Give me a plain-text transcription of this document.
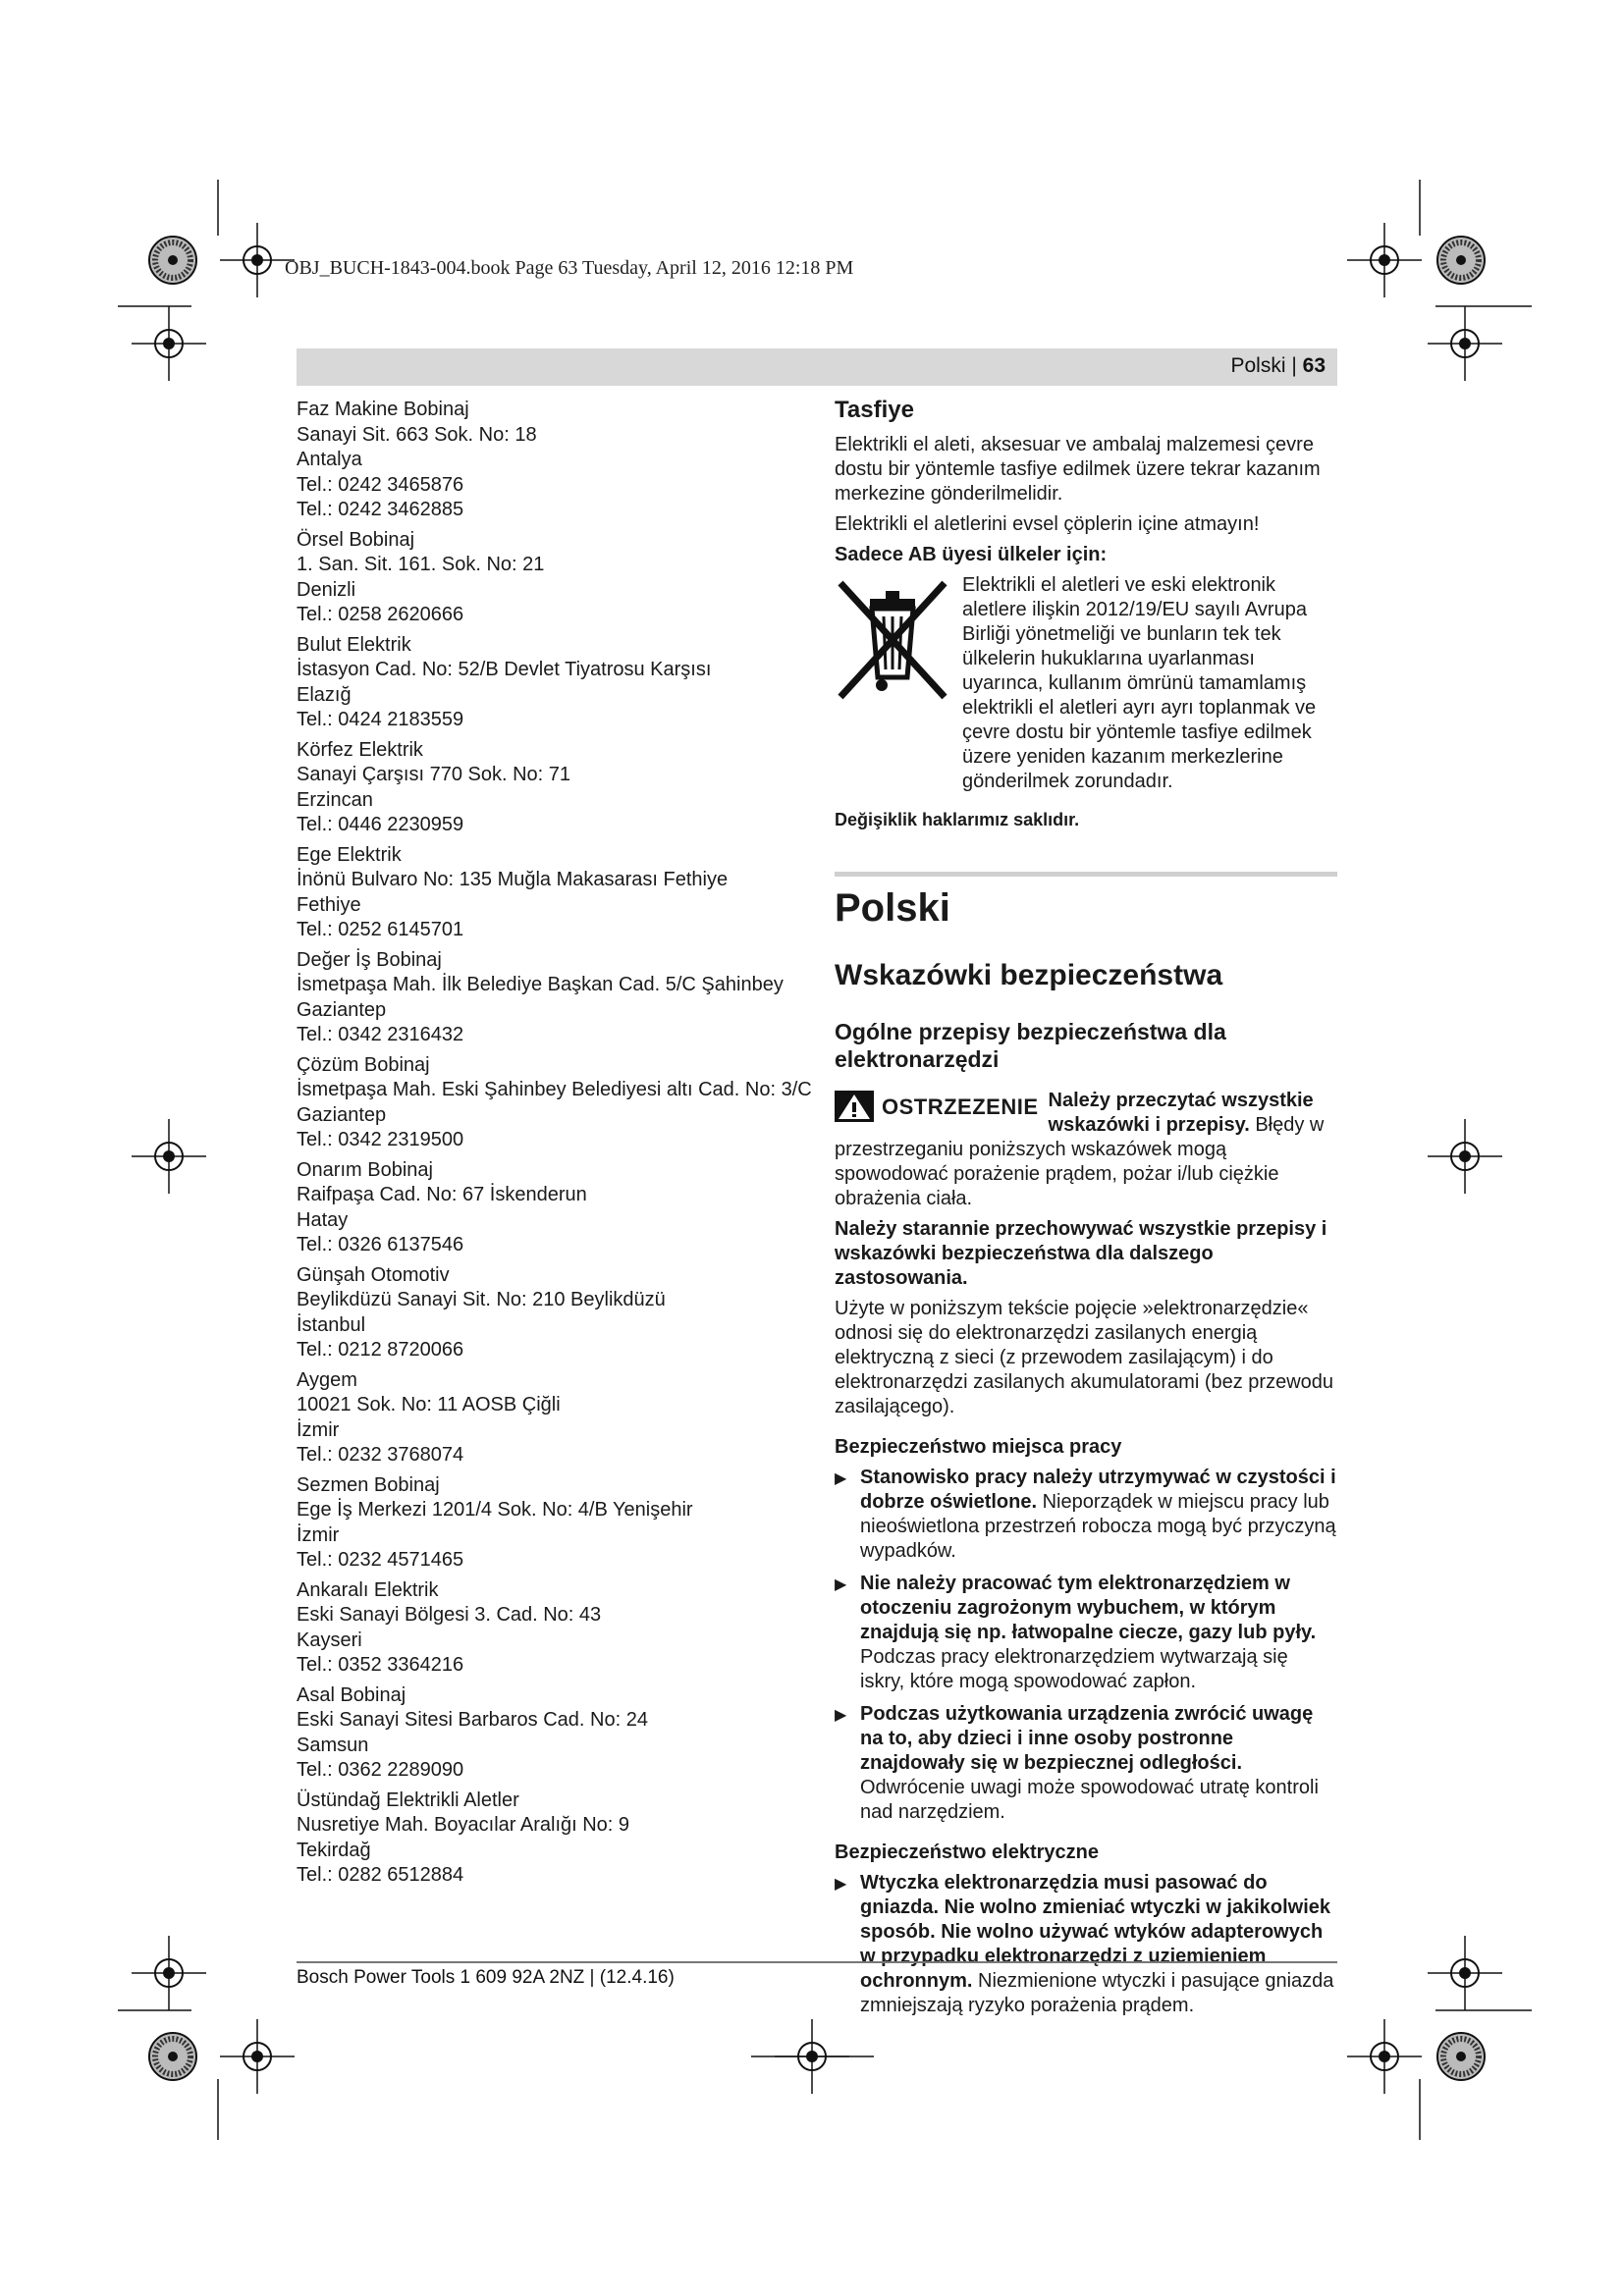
OBJ_BUCH-1843-004.book Page 63 Tuesday, April 12, 2016 12:18 PM
Polski | 63
Faz Makine Bobinaj
Sanayi Sit. 663 Sok. No: 18
Antalya
Tel.: 0242 3465876
Tel.: 0242 3462885
Örsel Bobinaj
1. San. Sit. 161. Sok. No: 21
Denizli
Tel.: 0258 2620666
Bulut Elektrik
İstasyon Cad. No: 52/B Devlet Tiyatrosu Karşısı
Elazığ
Tel.: 0424 2183559
Körfez Elektrik
Sanayi Çarşısı 770 Sok. No: 71
Erzincan
Tel.: 0446 2230959
Ege Elektrik
İnönü Bulvaro No: 135 Muğla Makasarası Fethiye
Fethiye
Tel.: 0252 6145701
Değer İş Bobinaj
İsmetpaşa Mah. İlk Belediye Başkan Cad. 5/C Şahinbey
Gaziantep
Tel.: 0342 2316432
Çözüm Bobinaj
İsmetpaşa Mah. Eski Şahinbey Belediyesi altı Cad. No: 3/C
Gaziantep
Tel.: 0342 2319500
Onarım Bobinaj
Raifpaşa Cad. No: 67 İskenderun
Hatay
Tel.: 0326 6137546
Günşah Otomotiv
Beylikdüzü Sanayi Sit. No: 210 Beylikdüzü
İstanbul
Tel.: 0212 8720066
Aygem
10021 Sok. No: 11 AOSB Çiğli
İzmir
Tel.: 0232 3768074
Sezmen Bobinaj
Ege İş Merkezi 1201/4 Sok. No: 4/B Yenişehir
İzmir
Tel.: 0232 4571465
Ankaralı Elektrik
Eski Sanayi Bölgesi 3. Cad. No: 43
Kayseri
Tel.: 0352 3364216
Asal Bobinaj
Eski Sanayi Sitesi Barbaros Cad. No: 24
Samsun
Tel.: 0362 2289090
Üstündağ Elektrikli Aletler
Nusretiye Mah. Boyacılar Aralığı No: 9
Tekirdağ
Tel.: 0282 6512884
Tasfiye

Elektrikli el aleti, aksesuar ve ambalaj malzemesi çevre dostu bir yöntemle tasfiye edilmek üzere tekrar kazanım merkezine gönderilmelidir.

Elektrikli el aletlerini evsel çöplerin içine atmayın!

Sadece AB üyesi ülkeler için:

Elektrikli el aletleri ve eski elektronik aletlere ilişkin 2012/19/EU sayılı Avrupa Birliği yönetmeliği ve bunların tek tek ülkelerin hukuklarına uyarlanması uyarınca, kullanım ömrünü tamamlamış elektrikli el aletleri ayrı ayrı toplanmak ve çevre dostu bir yöntemle tasfiye edilmek üzere yeniden kazanım merkezlerine gönderilmek zorundadır.
Değişiklik haklarımız saklıdır.
Polski
Wskazówki bezpieczeństwa
Ogólne przepisy bezpieczeństwa dla elektronarzędzi

OSTRZEZENIE Należy przeczytać wszystkie wskazówki i przepisy. Błędy w przestrzeganiu poniższych wskazówek mogą spowodować porażenie prądem, pożar i/lub ciężkie obrażenia ciała.

Należy starannie przechowywać wszystkie przepisy i wskazówki bezpieczeństwa dla dalszego zastosowania.

Użyte w poniższym tekście pojęcie »elektronarzędzie« odnosi się do elektronarzędzi zasilanych energią elektryczną z sieci (z przewodem zasilającym) i do elektronarzędzi zasilanych akumulatorami (bez przewodu zasilającego).

Bezpieczeństwo miejsca pracy
▶ Stanowisko pracy należy utrzymywać w czystości i dobrze oświetlone. Nieporządek w miejscu pracy lub nieoświetlona przestrzeń robocza mogą być przyczyną wypadków.
▶ Nie należy pracować tym elektronarzędziem w otoczeniu zagrożonym wybuchem, w którym znajdują się np. łatwopalne ciecze, gazy lub pyły. Podczas pracy elektronarzędziem wytwarzają się iskry, które mogą spowodować zapłon.
▶ Podczas użytkowania urządzenia zwrócić uwagę na to, aby dzieci i inne osoby postronne znajdowały się w bezpiecznej odległości. Odwrócenie uwagi może spowodować utratę kontroli nad narzędziem.
Bezpieczeństwo elektryczne
▶ Wtyczka elektronarzędzia musi pasować do gniazda. Nie wolno zmieniać wtyczki w jakikolwiek sposób. Nie wolno używać wtyków adapterowych w przypadku elektronarzędzi z uziemieniem ochronnym. Niezmienione wtyczki i pasujące gniazda zmniejszają ryzyko porażenia prądem.
Bosch Power Tools 1 609 92A 2NZ | (12.4.16)
